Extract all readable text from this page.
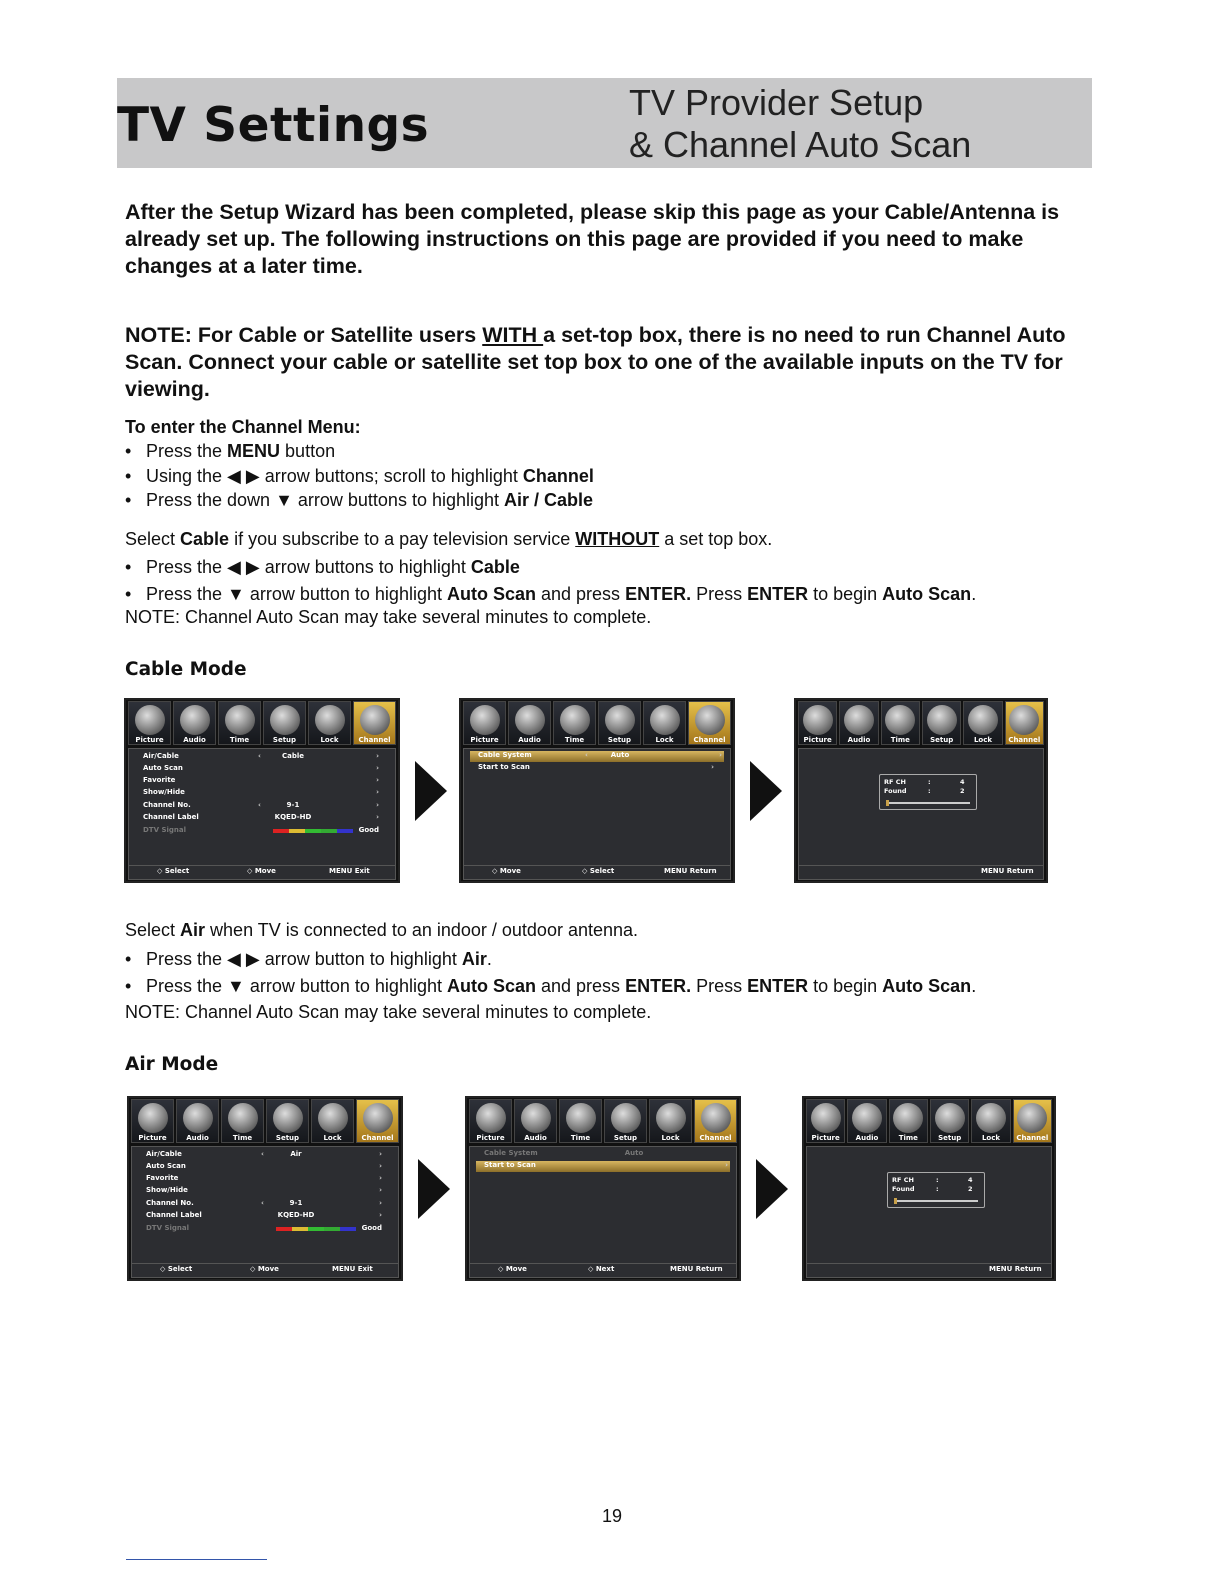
TV Settings	TV Provider Setup
& Channel Auto Scan
After the Setup Wizard has been completed, please skip this page as your Cable/Antenna is already set up. The following instructions on this page are provided if you need to make changes at a later time.
NOTE: For Cable or Satellite users WITH a set-top box, there is no need to run Channel Auto Scan. Connect your cable or satellite set top box to one of the available inputs on the TV for viewing.
To enter the Channel Menu:
• Press the MENU button
• Using the ◀ ▶ arrow buttons; scroll to highlight Channel
• Press the down ▼ arrow buttons to highlight Air / Cable
Select Cable if you subscribe to a pay television service WITHOUT a set top box.
• Press the ◀ ▶ arrow buttons to highlight Cable
• Press the ▼ arrow button to highlight Auto Scan and press ENTER. Press ENTER to begin Auto Scan.
NOTE: Channel Auto Scan may take several minutes to complete.
Cable Mode
Picture	Audio	Time	Setup	Lock	Channel
Air/Cable	‹	Cable	›
Auto Scan	›
Favorite	›
Show/Hide	›
Channel No.	‹	9-1	›
Channel Label	KQED-HD	›
DTV Signal	Good
◇ Select	◇ Move	MENU Exit
Picture	Audio	Time	Setup	Lock	Channel
Cable System	‹	Auto	›
Start to Scan	›
◇ Move	◇ Select	MENU Return
Picture	Audio	Time	Setup	Lock	Channel
RF CH	:	4
Found	:	2
MENU Return
Select Air when TV is connected to an indoor / outdoor antenna.
• Press the ◀ ▶ arrow button to highlight Air.
• Press the ▼ arrow button to highlight Auto Scan and press ENTER. Press ENTER to begin Auto Scan.
NOTE: Channel Auto Scan may take several minutes to complete.
Air Mode
Picture	Audio	Time	Setup	Lock	Channel
Air/Cable	‹	Air	›
Auto Scan	›
Favorite	›
Show/Hide	›
Channel No.	‹	9-1	›
Channel Label	KQED-HD	›
DTV Signal	Good
◇ Select	◇ Move	MENU Exit
Picture	Audio	Time	Setup	Lock	Channel
Cable System	Auto
Start to Scan	›
◇ Move	◇ Next	MENU Return
Picture	Audio	Time	Setup	Lock	Channel
RF CH	:	4
Found	:	2
MENU Return
19
